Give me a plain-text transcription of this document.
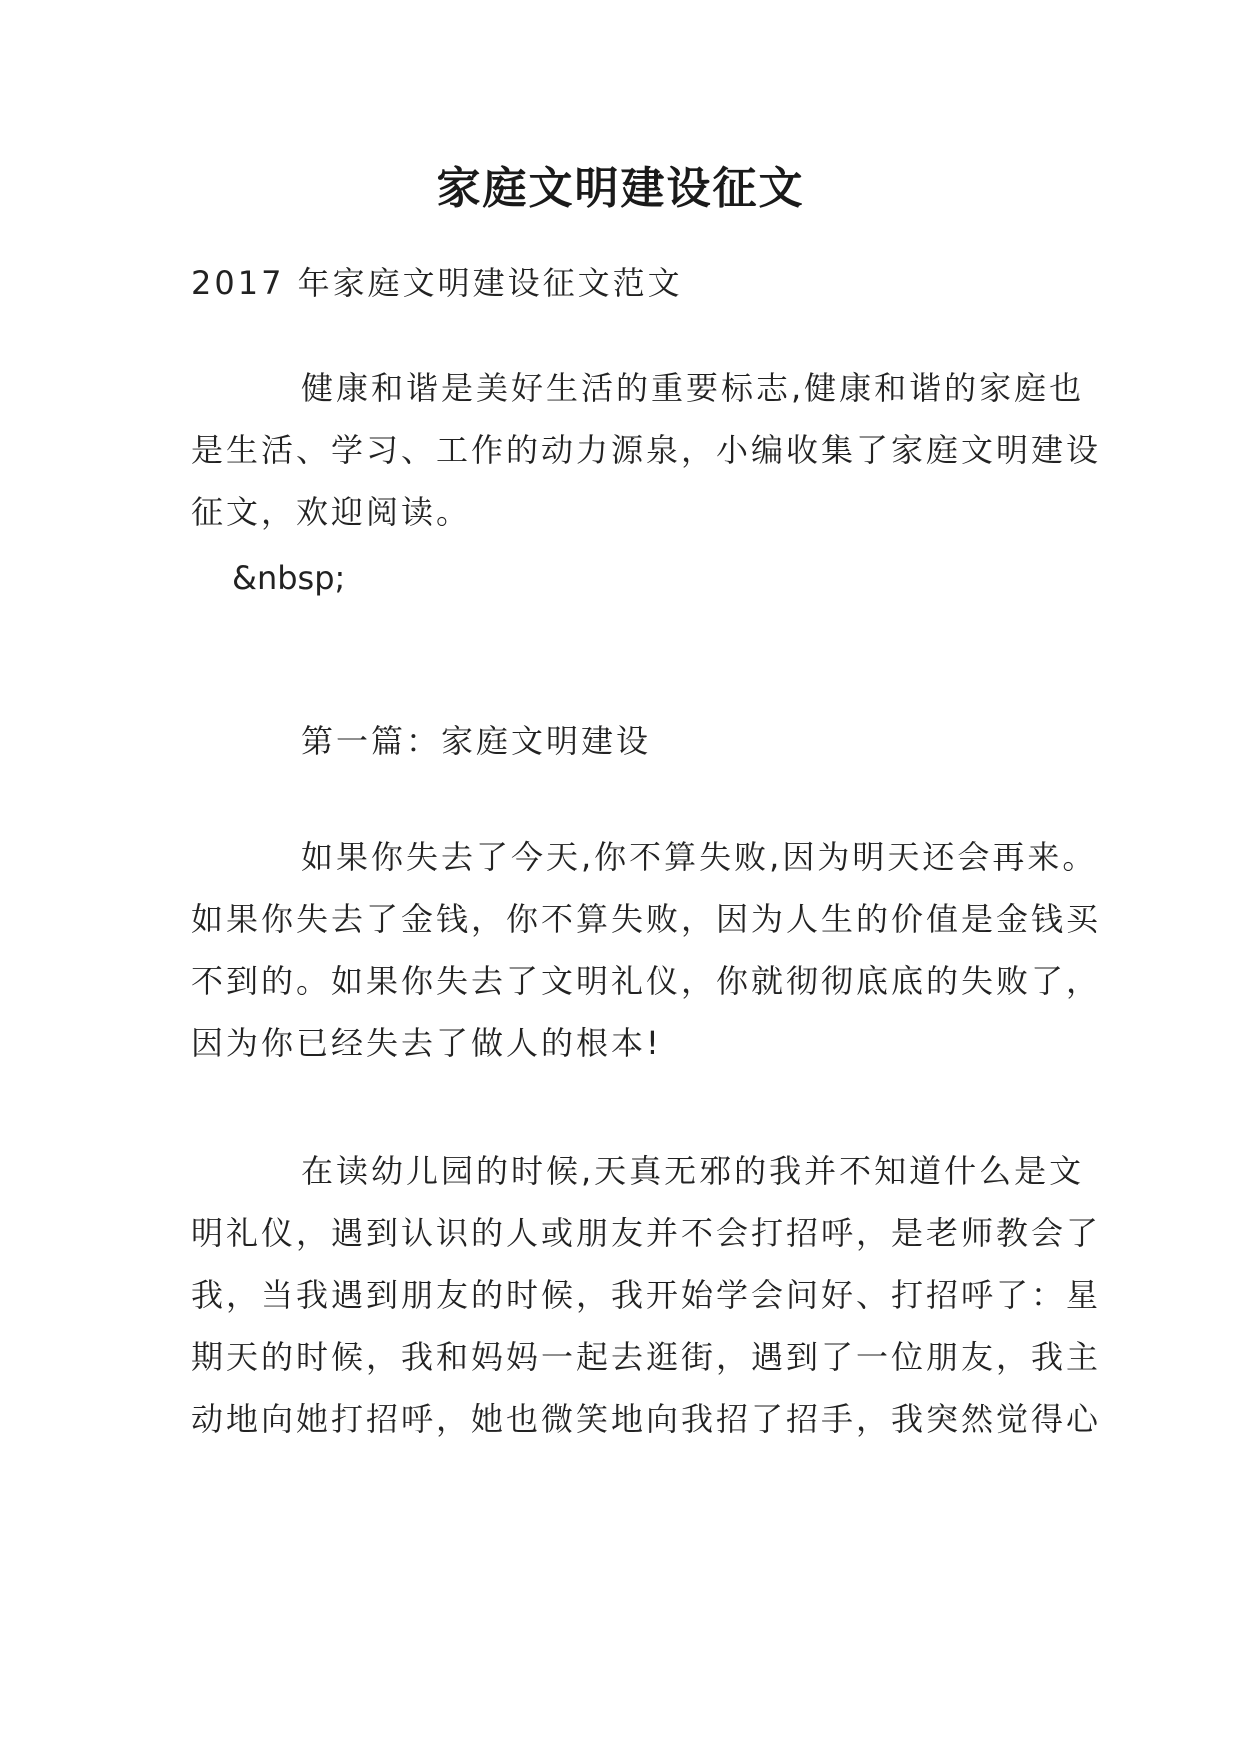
家庭文明建设征文
2017 年家庭文明建设征文范文
健康和谐是美好生活的重要标志,健康和谐的家庭也
是生活、学习、工作的动力源泉，小编收集了家庭文明建设
征文，欢迎阅读。
&nbsp;
第一篇：家庭文明建设
如果你失去了今天,你不算失败,因为明天还会再来。
如果你失去了金钱，你不算失败，因为人生的价值是金钱买
不到的。如果你失去了文明礼仪，你就彻彻底底的失败了，
因为你已经失去了做人的根本!
在读幼儿园的时候,天真无邪的我并不知道什么是文
明礼仪，遇到认识的人或朋友并不会打招呼，是老师教会了
我，当我遇到朋友的时候，我开始学会问好、打招呼了：星
期天的时候，我和妈妈一起去逛街，遇到了一位朋友，我主
动地向她打招呼，她也微笑地向我招了招手，我突然觉得心
